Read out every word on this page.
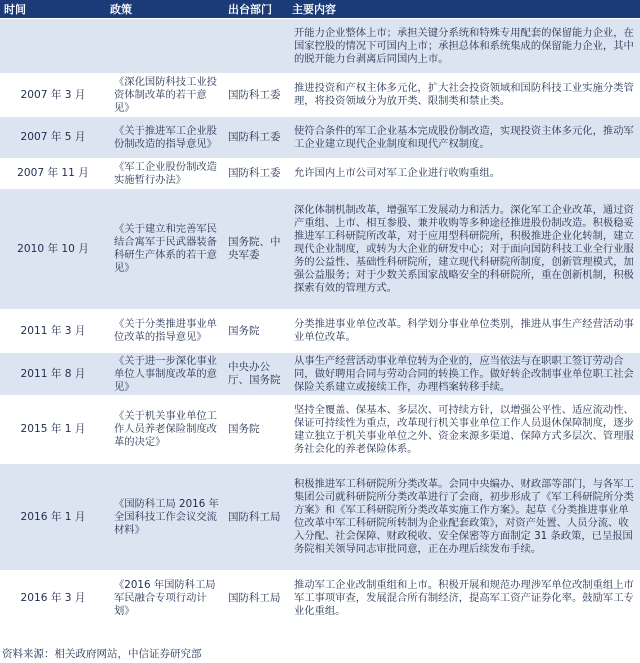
时间	政策	出台部门	主要内容
			开能力企业整体上市；承担关键分系统和特殊专用配套的保留能力企业，在国家控股的情况下可国内上市；承担总体和系统集成的保留能力企业，其中的脱开能力台剥离后同国内上市。
2007 年 3 月	《深化国防科技工业投资体制改革的若干意见》	国防科工委	推进投资和产权主体多元化，扩大社会投资领域和国防科技工业实施分类管理，将投资领域分为放开类、限制类和禁止类。
2007 年 5 月	《关于推进军工企业股份制改造的指导意见》	国防科工委	使符合条件的军工企业基本完成股份制改造，实现投资主体多元化，推动军工企业建立现代企业制度和现代产权制度。
2007 年 11 月	《军工企业股份制改造实施暂行办法》	国防科工委	允许国内上市公司对军工企业进行收购重组。
2010 年 10 月	《关于建立和完善军民结合寓军于民武器装备科研生产体系的若干意见》	国务院、中央军委	深化体制机制改革，增强军工发展动力和活力。深化军工企业改革，通过资产重组、上市、相互参股、兼并收购等多种途径推进股份制改造。积极稳妥推进军工科研院所改革，对于应用型科研院所，积极推进企业化转制，建立现代企业制度，或转为大企业的研发中心；对于面向国防科技工业全行业服务的公益性、基础性科研院所，建立现代科研院所制度，创新管理模式，加强公益服务；对于少数关系国家战略安全的科研院所，重在创新机制，积极探索有效的管理方式。
2011 年 3 月	《关于分类推进事业单位改革的指导意见》	国务院	分类推进事业单位改革。科学划分事业单位类别，推进从事生产经营活动事业单位改革。
2011 年 8 月	《关于进一步深化事业单位人事制度改革的意见》	中央办公厅、国务院	从事生产经营活动事业单位转为企业的，应当依法与在职职工签订劳动合同，做好聘用合同与劳动合同的转换工作。做好转企改制事业单位职工社会保险关系建立或接续工作，办理档案转移手续。
2015 年 1 月	《关于机关事业单位工作人员养老保险制度改革的决定》	国务院	坚持全覆盖、保基本、多层次、可持续方针，以增强公平性、适应流动性、保证可持续性为重点，改革现行机关事业单位工作人员退休保障制度，逐步建立独立于机关事业单位之外、资金来源多渠道、保障方式多层次、管理服务社会化的养老保险体系。
2016 年 1 月	《国防科工局 2016 年全国科技工作会议交流材料》	国防科工局	积极推进军工科研院所分类改革。会同中央编办、财政部等部门，与各军工集团公司就科研院所分类改革进行了会商，初步形成了《军工科研院所分类方案》和《军工科研院所分类改革实施工作方案》。起草《分类推进事业单位改革中军工科研院所转制为企业配套政策》，对资产处置、人员分流、收入分配、社会保障、财政税收、安全保密等方面制定 31 条政策，已呈报国务院相关领导同志审批同意，正在办理后续发布手续。
2016 年 3 月	《2016 年国防科工局军民融合专项行动计划》	国防科工局	推动军工企业改制重组和上市。积极开展和规范办理涉军单位改制重组上市军工事项审查，发展混合所有制经济，提高军工资产证券化率。鼓励军工专业化重组。
资料来源：相关政府网站，中信证券研究部
